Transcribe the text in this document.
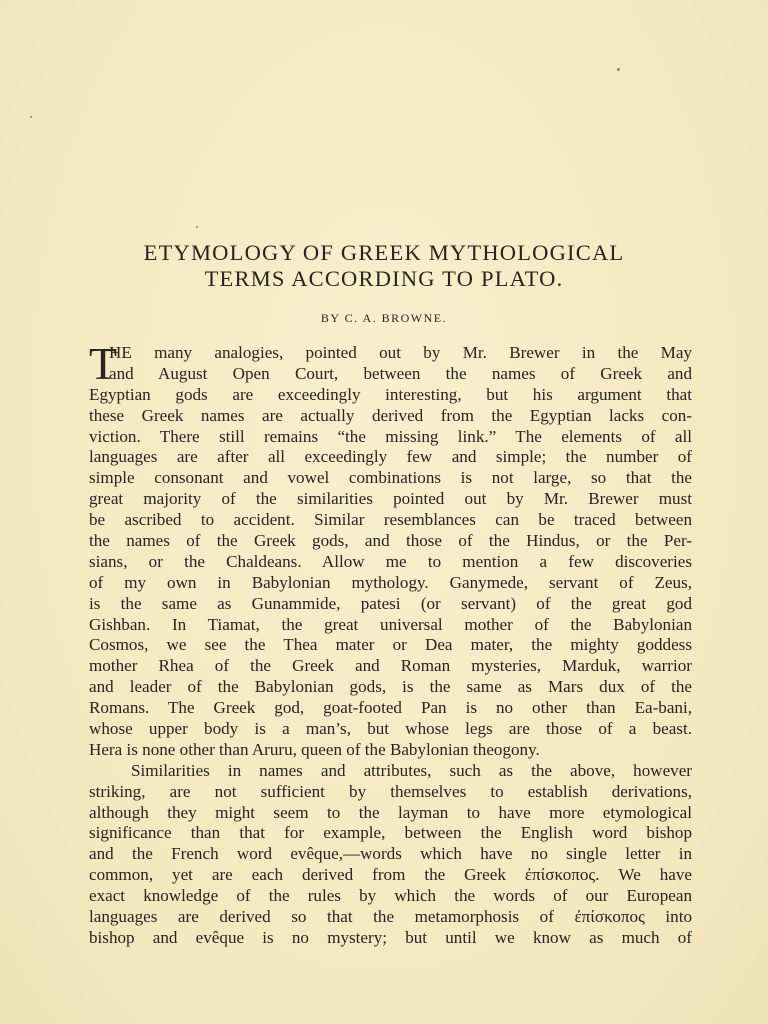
ETYMOLOGY OF GREEK MYTHOLOGICAL
TERMS ACCORDING TO PLATO.
BY C. A. BROWNE.
T
HE many analogies, pointed out by Mr. Brewer in the May
and August Open Court, between the names of Greek and
Egyptian gods are exceedingly interesting, but his argument that
these Greek names are actually derived from the Egyptian lacks con-
viction. There still remains “the missing link.” The elements of all
languages are after all exceedingly few and simple; the number of
simple consonant and vowel combinations is not large, so that the
great majority of the similarities pointed out by Mr. Brewer must
be ascribed to accident. Similar resemblances can be traced between
the names of the Greek gods, and those of the Hindus, or the Per-
sians, or the Chaldeans. Allow me to mention a few discoveries
of my own in Babylonian mythology. Ganymede, servant of Zeus,
is the same as Gunammide, patesi (or servant) of the great god
Gishban. In Tiamat, the great universal mother of the Babylonian
Cosmos, we see the Thea mater or Dea mater, the mighty goddess
mother Rhea of the Greek and Roman mysteries, Marduk, warrior
and leader of the Babylonian gods, is the same as Mars dux of the
Romans. The Greek god, goat-footed Pan is no other than Ea-bani,
whose upper body is a man’s, but whose legs are those of a beast.
Hera is none other than Aruru, queen of the Babylonian theogony.
Similarities in names and attributes, such as the above, however
striking, are not sufficient by themselves to establish derivations,
although they might seem to the layman to have more etymological
significance than that for example, between the English word bishop
and the French word evêque,—words which have no single letter in
common, yet are each derived from the Greek ἐπίσκοπος. We have
exact knowledge of the rules by which the words of our European
languages are derived so that the metamorphosis of ἐπίσκοπος into
bishop and evêque is no mystery; but until we know as much of
